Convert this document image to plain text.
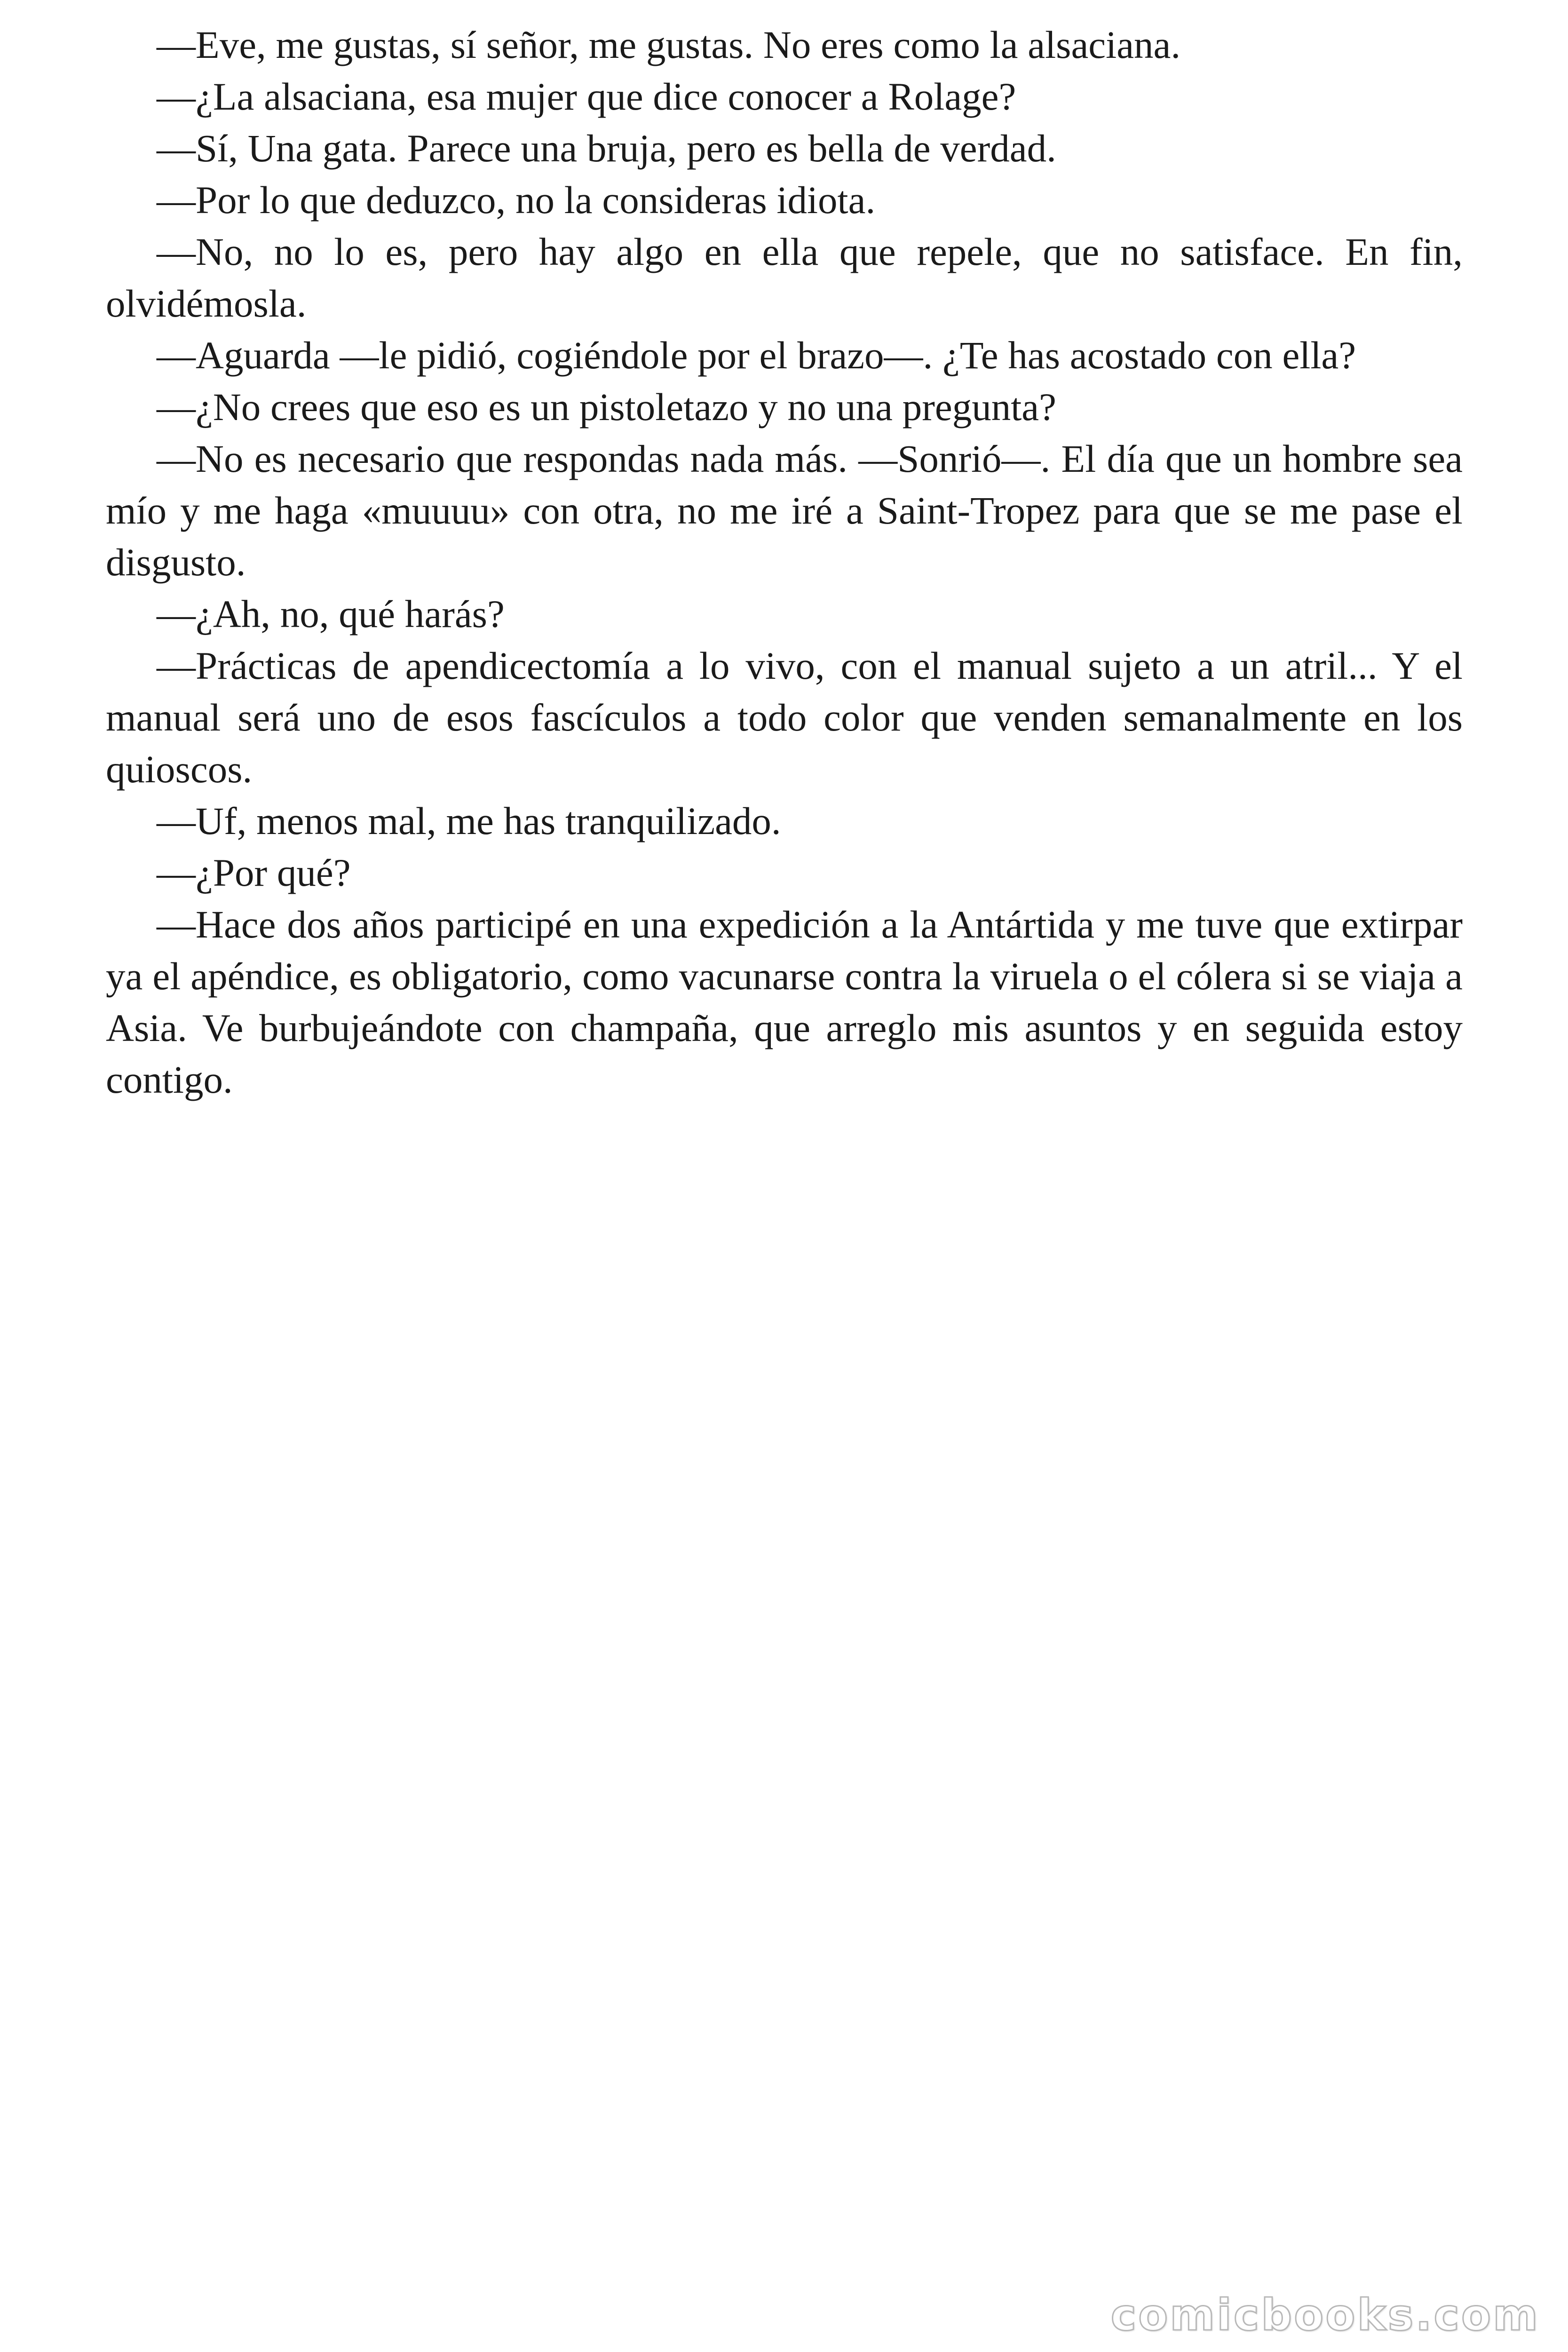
—Eve, me gustas, sí señor, me gustas. No eres como la alsaciana.

—¿La alsaciana, esa mujer que dice conocer a Rolage?

—Sí, Una gata. Parece una bruja, pero es bella de verdad.

—Por lo que deduzco, no la consideras idiota.

—No, no lo es, pero hay algo en ella que repele, que no satisface. En fin, olvidémosla.

—Aguarda —le pidió, cogiéndole por el brazo—. ¿Te has acostado con ella?

—¿No crees que eso es un pistoletazo y no una pregunta?

—No es necesario que respondas nada más. —Sonrió—. El día que un hombre sea mío y me haga «muuuu» con otra, no me iré a Saint-Tropez para que se me pase el disgusto.

—¿Ah, no, qué harás?

—Prácticas de apendicectomía a lo vivo, con el manual sujeto a un atril... Y el manual será uno de esos fascículos a todo color que venden semanalmente en los quioscos.

—Uf, menos mal, me has tranquilizado.

—¿Por qué?

—Hace dos años participé en una expedición a la Antártida y me tuve que extirpar ya el apéndice, es obligatorio, como vacunarse contra la viruela o el cólera si se viaja a Asia. Ve burbujeándote con champaña, que arreglo mis asuntos y en seguida estoy contigo.

comicbooks.com
